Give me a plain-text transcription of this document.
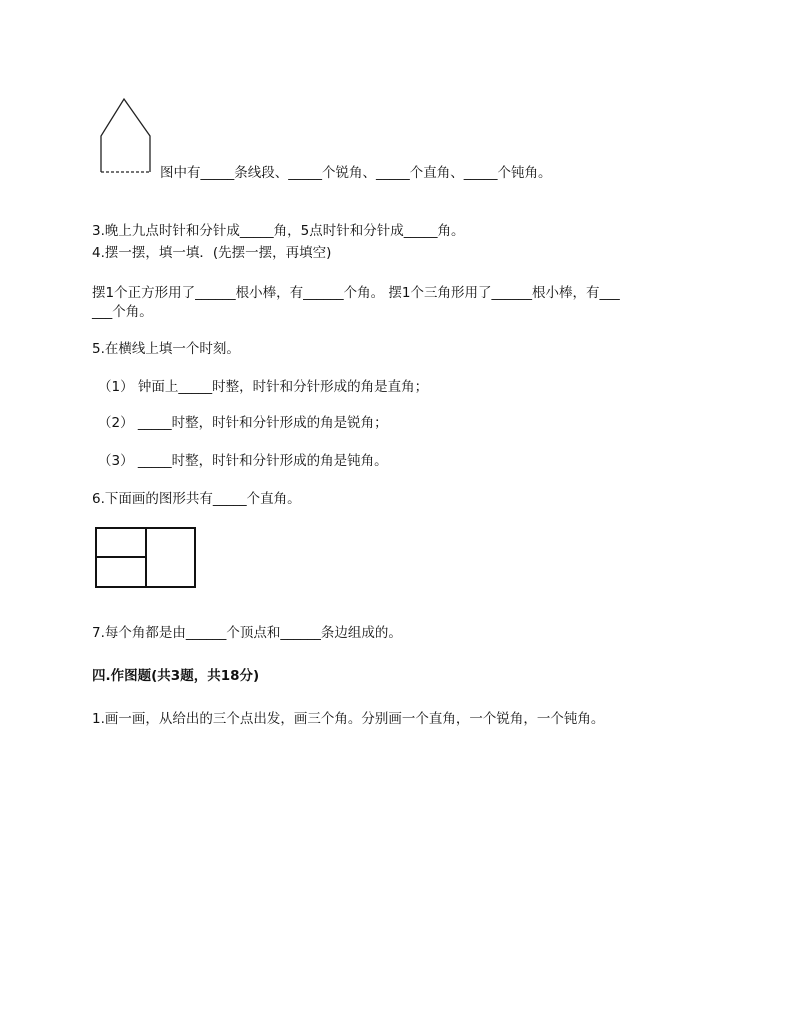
图中有_____条线段、_____个锐角、_____个直角、_____个钝角。
3.晚上九点时针和分针成_____角，5点时针和分针成_____角。
4.摆一摆，填一填．(先摆一摆，再填空)
摆1个正方形用了______根小棒，有______个角。 摆1个三角形用了______根小棒，有___
___个角。
5.在横线上填一个时刻。
（1） 钟面上_____时整，时针和分针形成的角是直角；
（2） _____时整，时针和分针形成的角是锐角；
（3） _____时整，时针和分针形成的角是钝角。
6.下面画的图形共有_____个直角。
7.每个角都是由______个顶点和______条边组成的。
四.作图题(共3题，共18分)
1.画一画，从给出的三个点出发，画三个角。分别画一个直角，一个锐角，一个钝角。
